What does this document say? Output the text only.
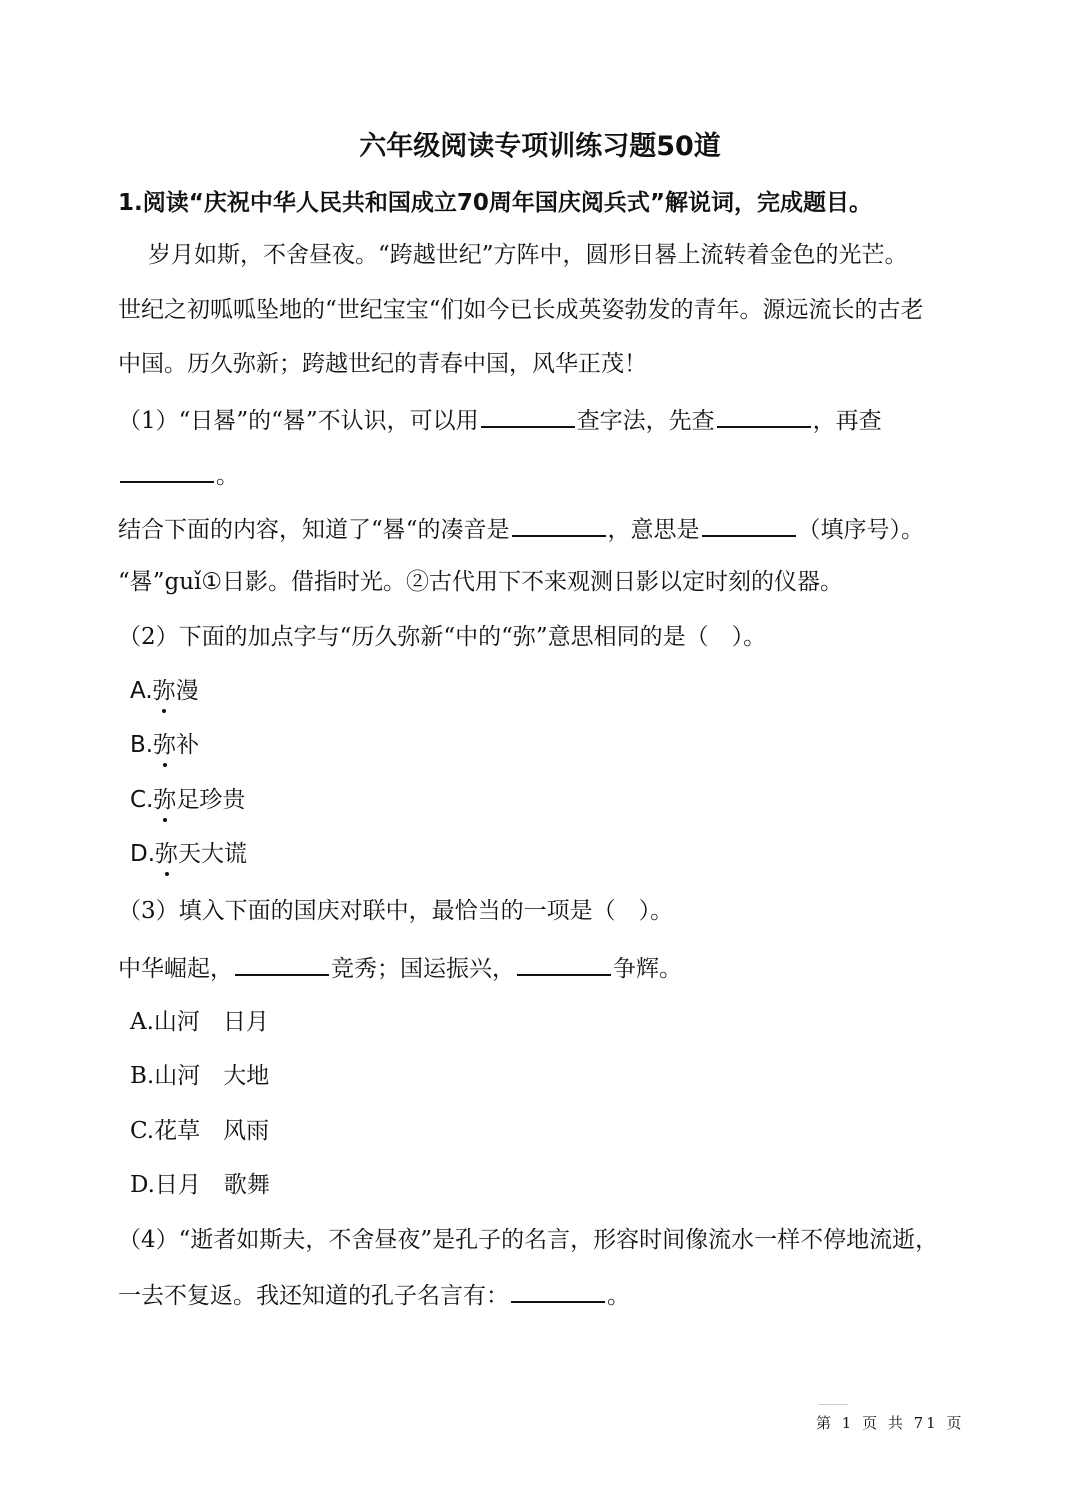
六年级阅读专项训练习题50道
1.阅读“庆祝中华人民共和国成立70周年国庆阅兵式”解说词，完成题目。
岁月如斯，不舍昼夜。“跨越世纪”方阵中，圆形日晷上流转着金色的光芒。
世纪之初呱呱坠地的“世纪宝宝“们如今已长成英姿勃发的青年。源远流长的古老
中国。历久弥新；跨越世纪的青春中国，风华正茂！
（1）“日晷”的“晷”不认识，可以用	查字法，先查	，再查
。
结合下面的内容，知道了“晷“的凑音是	，意思是	（填序号）。
“晷”guǐ①日影。借指时光。②古代用下不来观测日影以定时刻的仪器。
（2）下面的加点字与“历久弥新“中的“弥”意思相同的是（　）。
A.弥漫
B.弥补
C.弥足珍贵
D.弥天大谎
（3）填入下面的国庆对联中，最恰当的一项是（　）。
中华崛起，	竞秀；国运振兴，	争辉。
A.山河　日月
B.山河　大地
C.花草　风雨
D.日月　歌舞
（4）“逝者如斯夫，不舍昼夜”是孔子的名言，形容时间像流水一样不停地流逝，
一去不复返。我还知道的孔子名言有：	。
第 1 页 共 71 页
